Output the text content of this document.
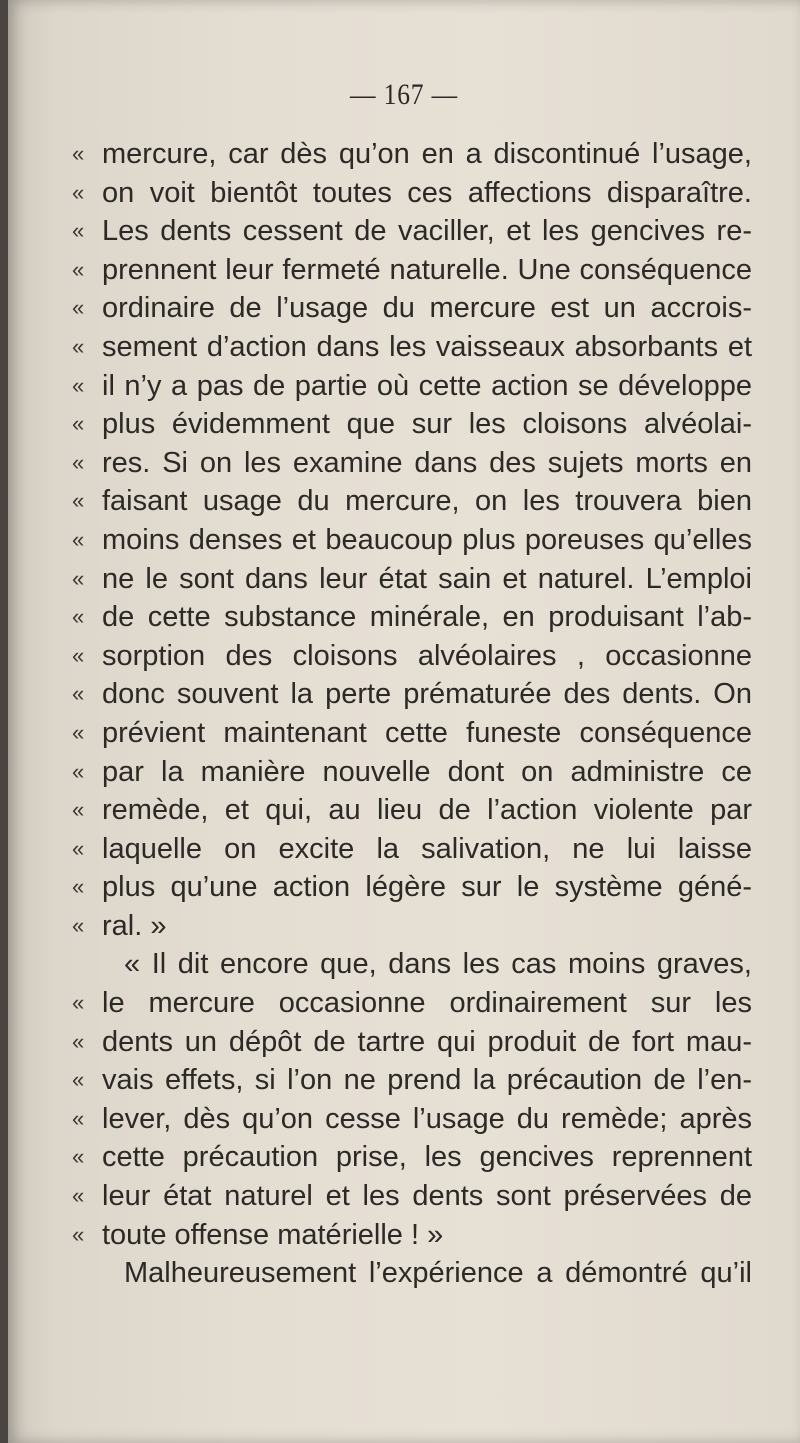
— 167 —
« mercure, car dès qu’on en a discontinué l’usage,
« on voit bientôt toutes ces affections disparaître.
« Les dents cessent de vaciller, et les gencives re-
« prennent leur fermeté naturelle. Une conséquence
« ordinaire de l’usage du mercure est un accrois-
« sement d’action dans les vaisseaux absorbants et
« il n’y a pas de partie où cette action se développe
« plus évidemment que sur les cloisons alvéolai-
« res. Si on les examine dans des sujets morts en
« faisant usage du mercure, on les trouvera bien
« moins denses et beaucoup plus poreuses qu’elles
« ne le sont dans leur état sain et naturel. L’emploi
« de cette substance minérale, en produisant l’ab-
« sorption des cloisons alvéolaires , occasionne
« donc souvent la perte prématurée des dents. On
« prévient maintenant cette funeste conséquence
« par la manière nouvelle dont on administre ce
« remède, et qui, au lieu de l’action violente par
« laquelle on excite la salivation, ne lui laisse
« plus qu’une action légère sur le système géné-
« ral. »
« Il dit encore que, dans les cas moins graves,
« le mercure occasionne ordinairement sur les
« dents un dépôt de tartre qui produit de fort mau-
« vais effets, si l’on ne prend la précaution de l’en-
« lever, dès qu’on cesse l’usage du remède; après
« cette précaution prise, les gencives reprennent
« leur état naturel et les dents sont préservées de
« toute offense matérielle ! »
Malheureusement l’expérience a démontré qu’il
